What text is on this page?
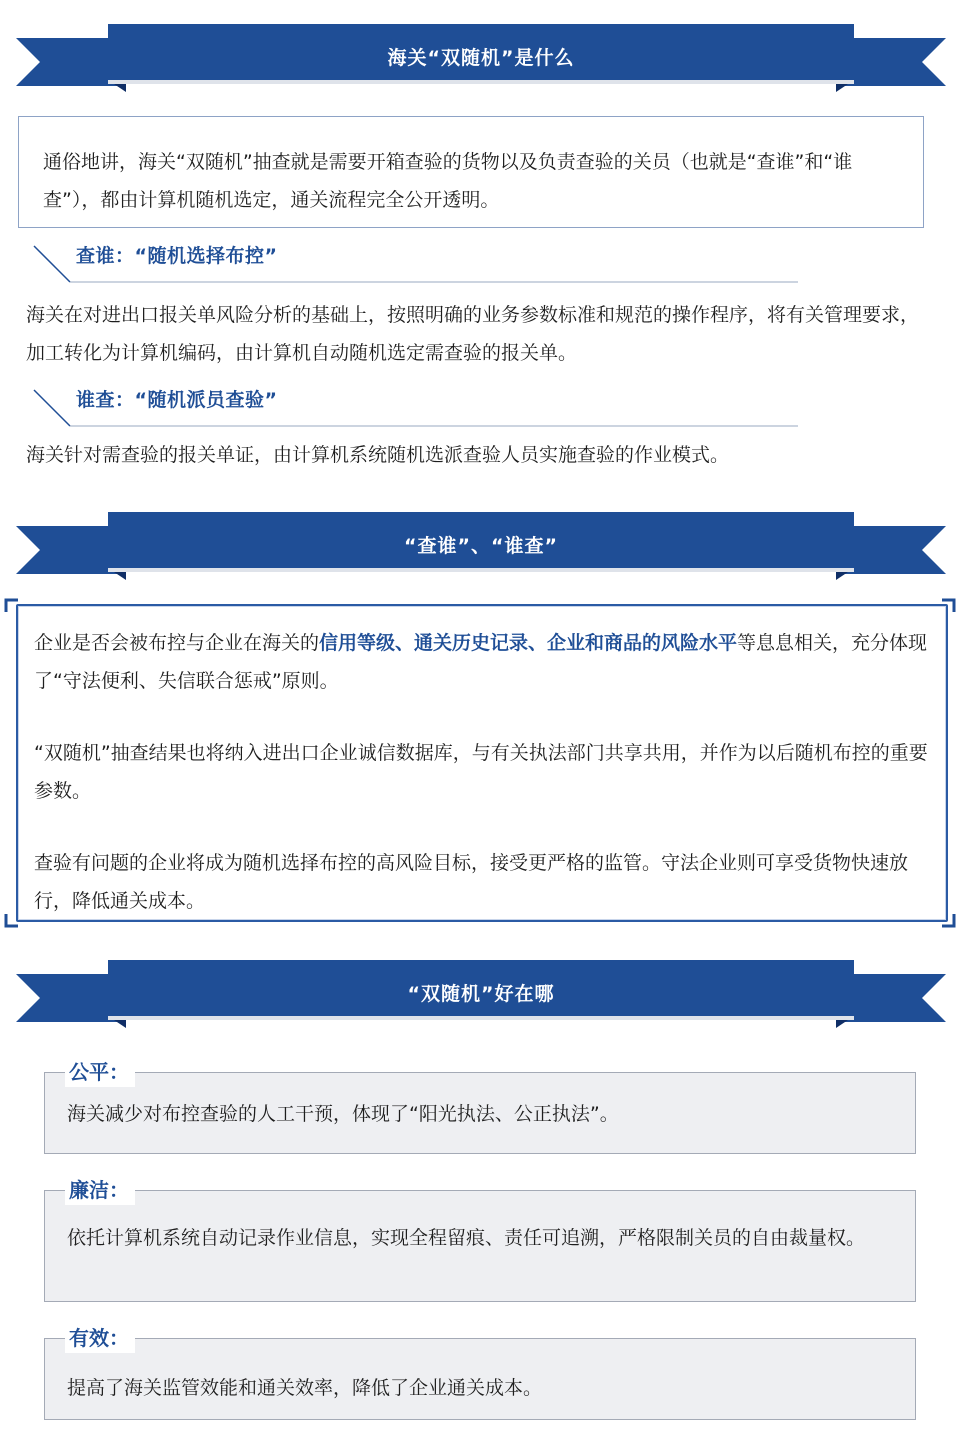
海关“双随机”是什么
通俗地讲，海关“双随机”抽查就是需要开箱查验的货物以及负责查验的关员（也就是“查谁”和“谁查”），都由计算机随机选定，通关流程完全公开透明。
查谁：“随机选择布控”
海关在对进出口报关单风险分析的基础上，按照明确的业务参数标准和规范的操作程序，将有关管理要求，加工转化为计算机编码，由计算机自动随机选定需查验的报关单。
谁查：“随机派员查验”
海关针对需查验的报关单证，由计算机系统随机选派查验人员实施查验的作业模式。
“查谁”、“谁查”

企业是否会被布控与企业在海关的信用等级、通关历史记录、企业和商品的风险水平等息息相关，充分体现了“守法便利、失信联合惩戒”原则。

“双随机”抽查结果也将纳入进出口企业诚信数据库，与有关执法部门共享共用，并作为以后随机布控的重要参数。

查验有问题的企业将成为随机选择布控的高风险目标，接受更严格的监管。守法企业则可享受货物快速放行，降低通关成本。

“双随机”好在哪
公平：
海关减少对布控查验的人工干预，体现了“阳光执法、公正执法”。
廉洁：
依托计算机系统自动记录作业信息，实现全程留痕、责任可追溯，严格限制关员的自由裁量权。
有效：
提高了海关监管效能和通关效率，降低了企业通关成本。
